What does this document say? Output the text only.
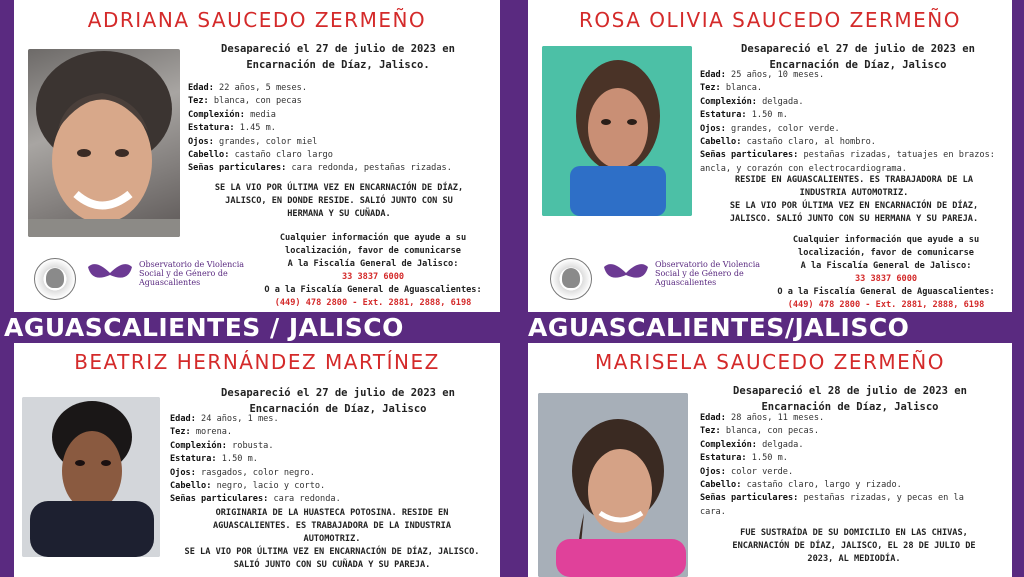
ADRIANA SAUCEDO ZERMEÑO
Desapareció el 27 de julio de 2023 en
Encarnación de Díaz, Jalisco.
Edad: 22 años, 5 meses.
Tez: blanca, con pecas
Complexión: media
Estatura: 1.45 m.
Ojos: grandes, color miel
Cabello: castaño claro largo
Señas particulares: cara redonda, pestañas rizadas.
SE LA VIO POR ÚLTIMA VEZ EN ENCARNACIÓN DE DÍAZ,
JALISCO, EN DONDE RESIDE. SALIÓ JUNTO CON SU
HERMANA Y SU CUÑADA.
Cualquier información que ayude a su
localización, favor de comunicarse
A la Fiscalía General de Jalisco:
33 3837 6000
O a la Fiscalía General de Aguascalientes:
(449) 478 2800 - Ext. 2881, 2888, 6198
Observatorio de Violencia
Social y de Género de
Aguascalientes
ROSA OLIVIA SAUCEDO ZERMEÑO
Desapareció el 27 de julio de 2023 en
Encarnación de Díaz, Jalisco
Edad: 25 años, 10 meses.
Tez: blanca.
Complexión: delgada.
Estatura: 1.50 m.
Ojos: grandes, color verde.
Cabello: castaño claro, al hombro.
Señas particulares: pestañas rizadas, tatuajes en brazos:
ancla, y corazón con electrocardiograma.
RESIDE EN AGUASCALIENTES. ES TRABAJADORA DE LA
INDUSTRIA AUTOMOTRIZ.
SE LA VIO POR ÚLTIMA VEZ EN ENCARNACIÓN DE DÍAZ,
JALISCO. SALIÓ JUNTO CON SU HERMANA Y SU PAREJA.
Cualquier información que ayude a su
localización, favor de comunicarse
A la Fiscalía General de Jalisco:
33 3837 6000
O a la Fiscalía General de Aguascalientes:
(449) 478 2800 - Ext. 2881, 2888, 6198
Observatorio de Violencia
Social y de Género de
Aguascalientes
AGUASCALIENTES / JALISCO	AGUASCALIENTES/JALISCO
BEATRIZ HERNÁNDEZ MARTÍNEZ
Desapareció el 27 de julio de 2023 en
Encarnación de Díaz, Jalisco
Edad: 24 años, 1 mes.
Tez: morena.
Complexión: robusta.
Estatura: 1.50 m.
Ojos: rasgados, color negro.
Cabello: negro, lacio y corto.
Señas particulares: cara redonda.
ORIGINARIA DE LA HUASTECA POTOSINA. RESIDE EN
AGUASCALIENTES. ES TRABAJADORA DE LA INDUSTRIA
AUTOMOTRIZ.
SE LA VIO POR ÚLTIMA VEZ EN ENCARNACIÓN DE DÍAZ, JALISCO.
SALIÓ JUNTO CON SU CUÑADA Y SU PAREJA.
MARISELA SAUCEDO ZERMEÑO
Desapareció el 28 de julio de 2023 en
Encarnación de Díaz, Jalisco
Edad: 28 años, 11 meses.
Tez: blanca, con pecas.
Complexión: delgada.
Estatura: 1.50 m.
Ojos: color verde.
Cabello: castaño claro, largo y rizado.
Señas particulares: pestañas rizadas, y pecas en la
cara.
FUE SUSTRAÍDA DE SU DOMICILIO EN LAS CHIVAS,
ENCARNACIÓN DE DÍAZ, JALISCO, EL 28 DE JULIO DE
2023, AL MEDIODÍA.
